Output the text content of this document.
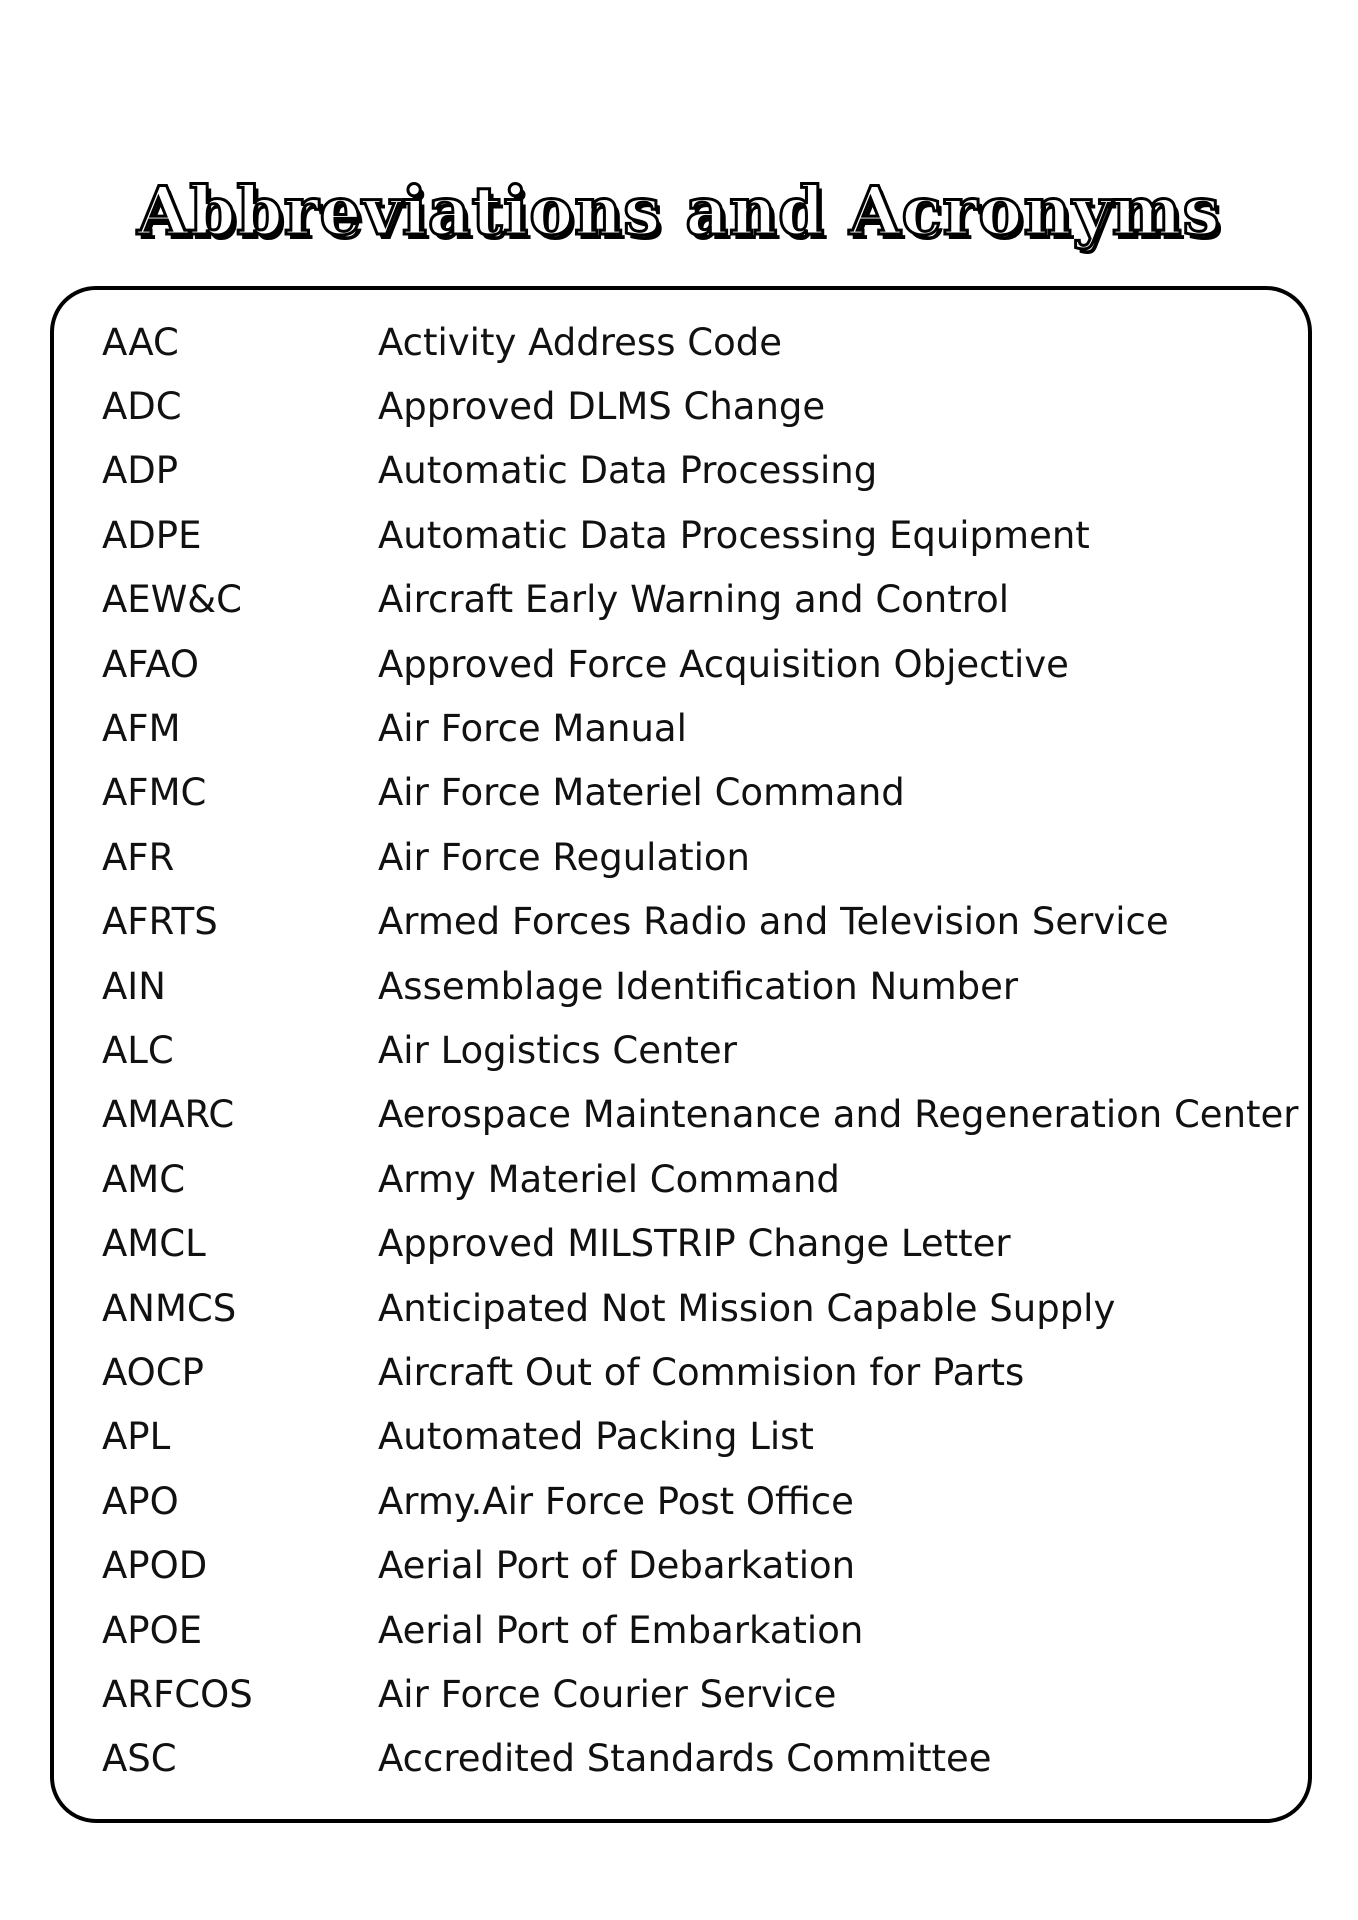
Abbreviations and Acronyms
AAC	Activity Address Code
ADC	Approved DLMS Change
ADP	Automatic Data Processing
ADPE	Automatic Data Processing Equipment
AEW&C	Aircraft Early Warning and Control
AFAO	Approved Force Acquisition Objective
AFM	Air Force Manual
AFMC	Air Force Materiel Command
AFR	Air Force Regulation
AFRTS	Armed Forces Radio and Television Service
AIN	Assemblage Identification Number
ALC	Air Logistics Center
AMARC	Aerospace Maintenance and Regeneration Center
AMC	Army Materiel Command
AMCL	Approved MILSTRIP Change Letter
ANMCS	Anticipated Not Mission Capable Supply
AOCP	Aircraft Out of Commision for Parts
APL	Automated Packing List
APO	Army.Air Force Post Office
APOD	Aerial Port of Debarkation
APOE	Aerial Port of Embarkation
ARFCOS	Air Force Courier Service
ASC	Accredited Standards Committee
